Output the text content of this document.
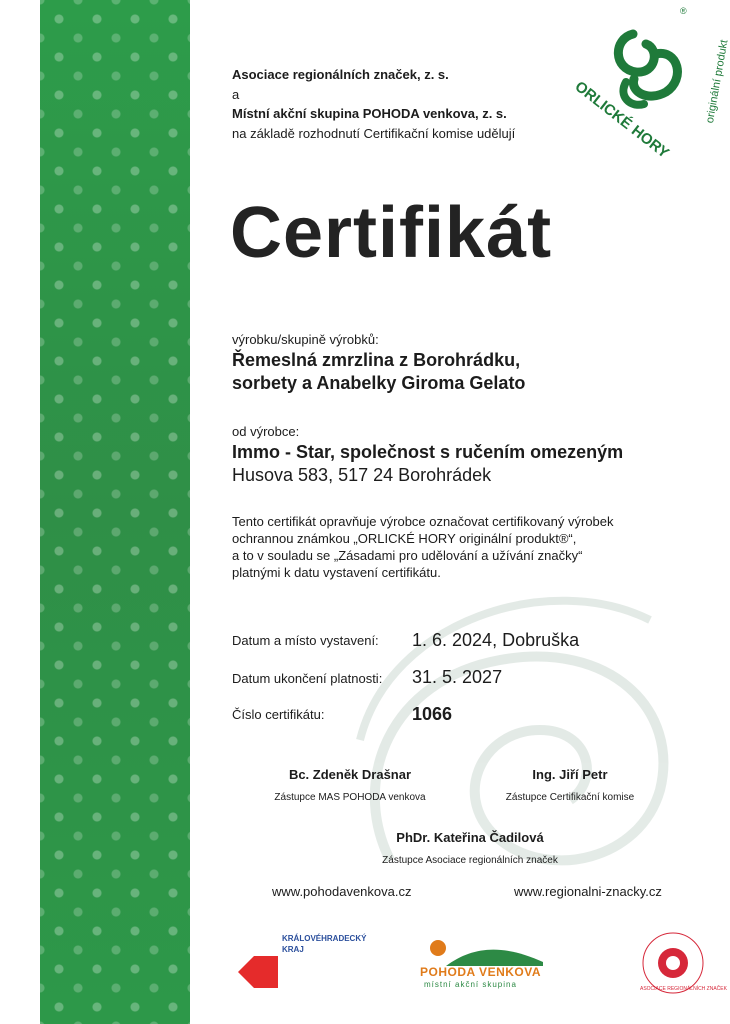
Asociace regionálních značek, z. s.
a
Místní akční skupina POHODA venkova, z. s.
na základě rozhodnutí Certifikační komise udělují	ORLICKÉ HORY	originální produkt
®
Certifikát
výrobku/skupině výrobků:
Řemeslná zmrzlina z Borohrádku,
sorbety a Anabelky Giroma Gelato
od výrobce:
Immo - Star, společnost s ručením omezeným
Husova 583, 517 24 Borohrádek
Tento certifikát opravňuje výrobce označovat certifikovaný výrobek
ochrannou známkou „ORLICKÉ HORY originální produkt®“,
a to v souladu se „Zásadami pro udělování a užívání značky“
platnými k datu vystavení certifikátu.
Datum a místo vystavení: 1. 6. 2024, Dobruška
Datum ukončení platnosti: 31. 5. 2027
Číslo certifikátu:	1066
Bc. Zdeněk Drašnar
Zástupce MAS POHODA venkova
Ing. Jiří Petr
Zástupce Certifikační komise
PhDr. Kateřina Čadilová
Zástupce Asociace regionálních značek
www.pohodavenkova.cz	www.regionalni-znacky.cz
KRÁLOVÉHRADECKÝ
KRAJ
POHODA VENKOVA
místní akční skupina	ASOCIACE REGIONÁLNÍCH ZNAČEK
